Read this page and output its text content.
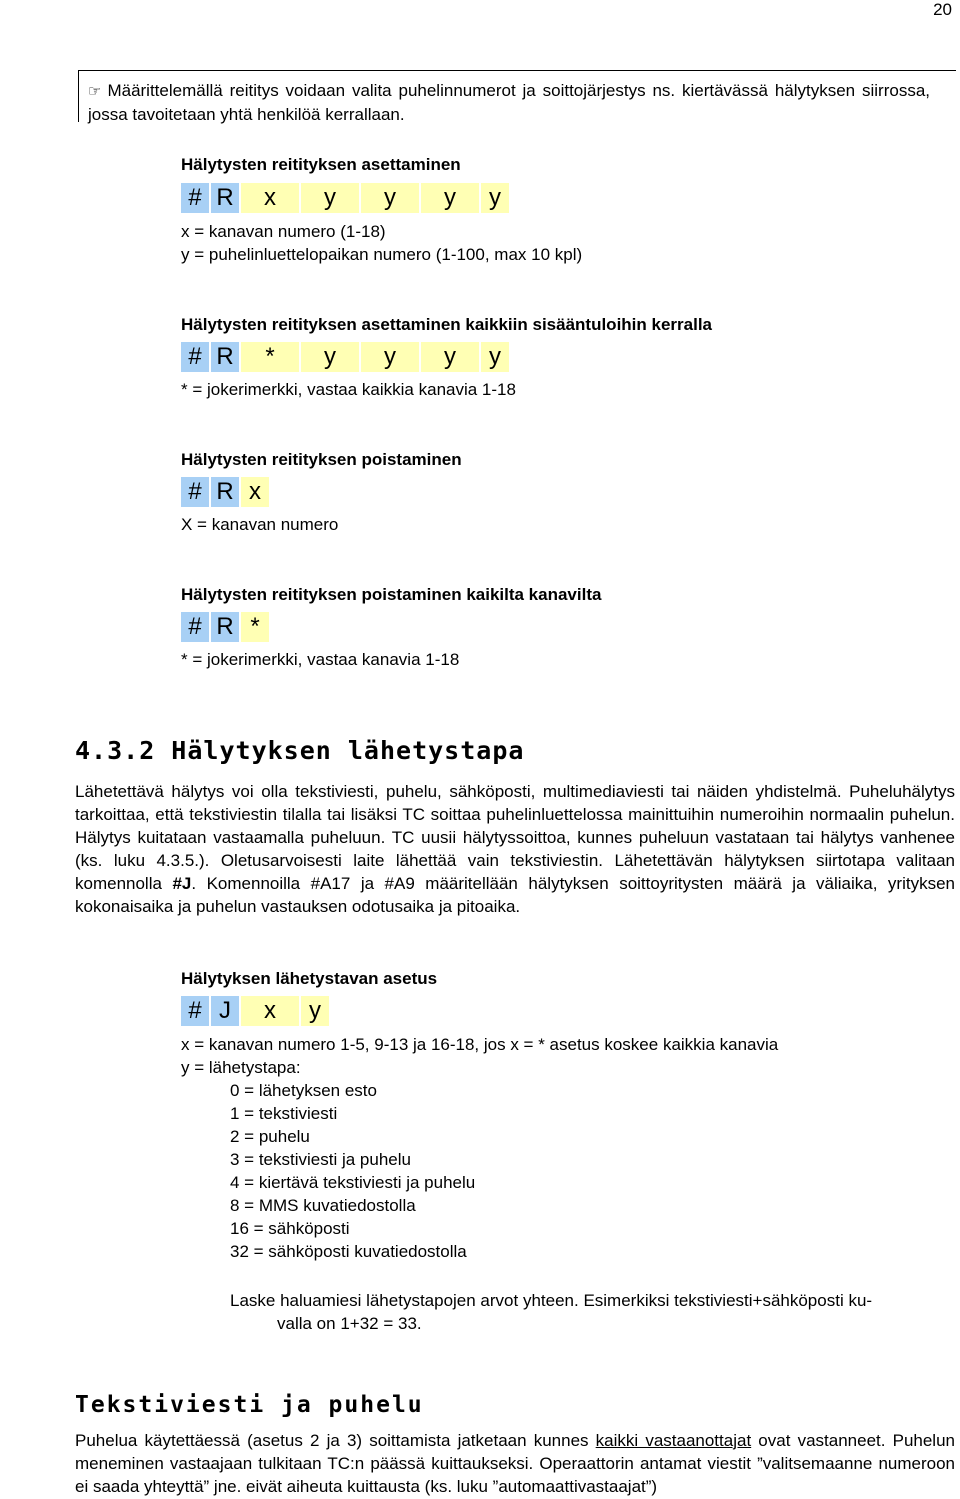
20
☞ Määrittelemällä reititys voidaan valita puhelinnumerot ja soittojärjestys ns. kiertävässä hälytyksen siirrossa, jossa tavoitetaan yhtä henkilöä kerrallaan.
Hälytysten reitityksen asettaminen
# R	x	y	y	y	y
x = kanavan numero (1-18)
y = puhelinluettelopaikan numero (1-100, max 10 kpl)
Hälytysten reitityksen asettaminen kaikkiin sisääntuloihin kerralla
# R	*	y	y	y	y
* = jokerimerkki, vastaa kaikkia kanavia 1-18
Hälytysten reitityksen poistaminen
# R x
X = kanavan numero
Hälytysten reitityksen poistaminen kaikilta kanavilta
# R *
* = jokerimerkki, vastaa kanavia 1-18
4.3.2 Hälytyksen lähetystapa
Lähetettävä hälytys voi olla tekstiviesti, puhelu, sähköposti, multimediaviesti tai näiden yhdistelmä. Puheluhälytys tarkoittaa, että tekstiviestin tilalla tai lisäksi TC soittaa puhelinluettelossa mainittuihin numeroihin normaalin puhelun. Hälytys kuitataan vastaamalla puheluun. TC uusii hälytyssoittoa, kunnes puheluun vastataan tai hälytys vanhenee (ks. luku 4.3.5.). Oletusarvoisesti laite lähettää vain tekstiviestin. Lähetettävän hälytyksen siirtotapa valitaan komennolla #J. Komennoilla #A17 ja #A9 määritellään hälytyksen soittoyritysten määrä ja väliaika, yrityksen kokonaisaika ja puhelun vastauksen odotusaika ja pitoaika.
Hälytyksen lähetystavan asetus
# J	x	y
x = kanavan numero 1-5, 9-13 ja 16-18, jos x = * asetus koskee kaikkia kanavia
y = lähetystapa:
0 = lähetyksen esto
1 = tekstiviesti
2 = puhelu
3 = tekstiviesti ja puhelu
4 = kiertävä tekstiviesti ja puhelu
8 = MMS kuvatiedostolla
16 = sähköposti
32 = sähköposti kuvatiedostolla
Laske haluamiesi lähetystapojen arvot yhteen. Esimerkiksi tekstiviesti+sähköposti ku-
valla on 1+32 = 33.
Tekstiviesti ja puhelu
Puhelua käytettäessä (asetus 2 ja 3) soittamista jatketaan kunnes kaikki vastaanottajat ovat vastanneet. Puhelun meneminen vastaajaan tulkitaan TC:n päässä kuittaukseksi. Operaattorin antamat viestit ”valitsemaanne numeroon ei saada yhteyttä” jne. eivät aiheuta kuittausta (ks. luku ”automaattivastaajat”)
